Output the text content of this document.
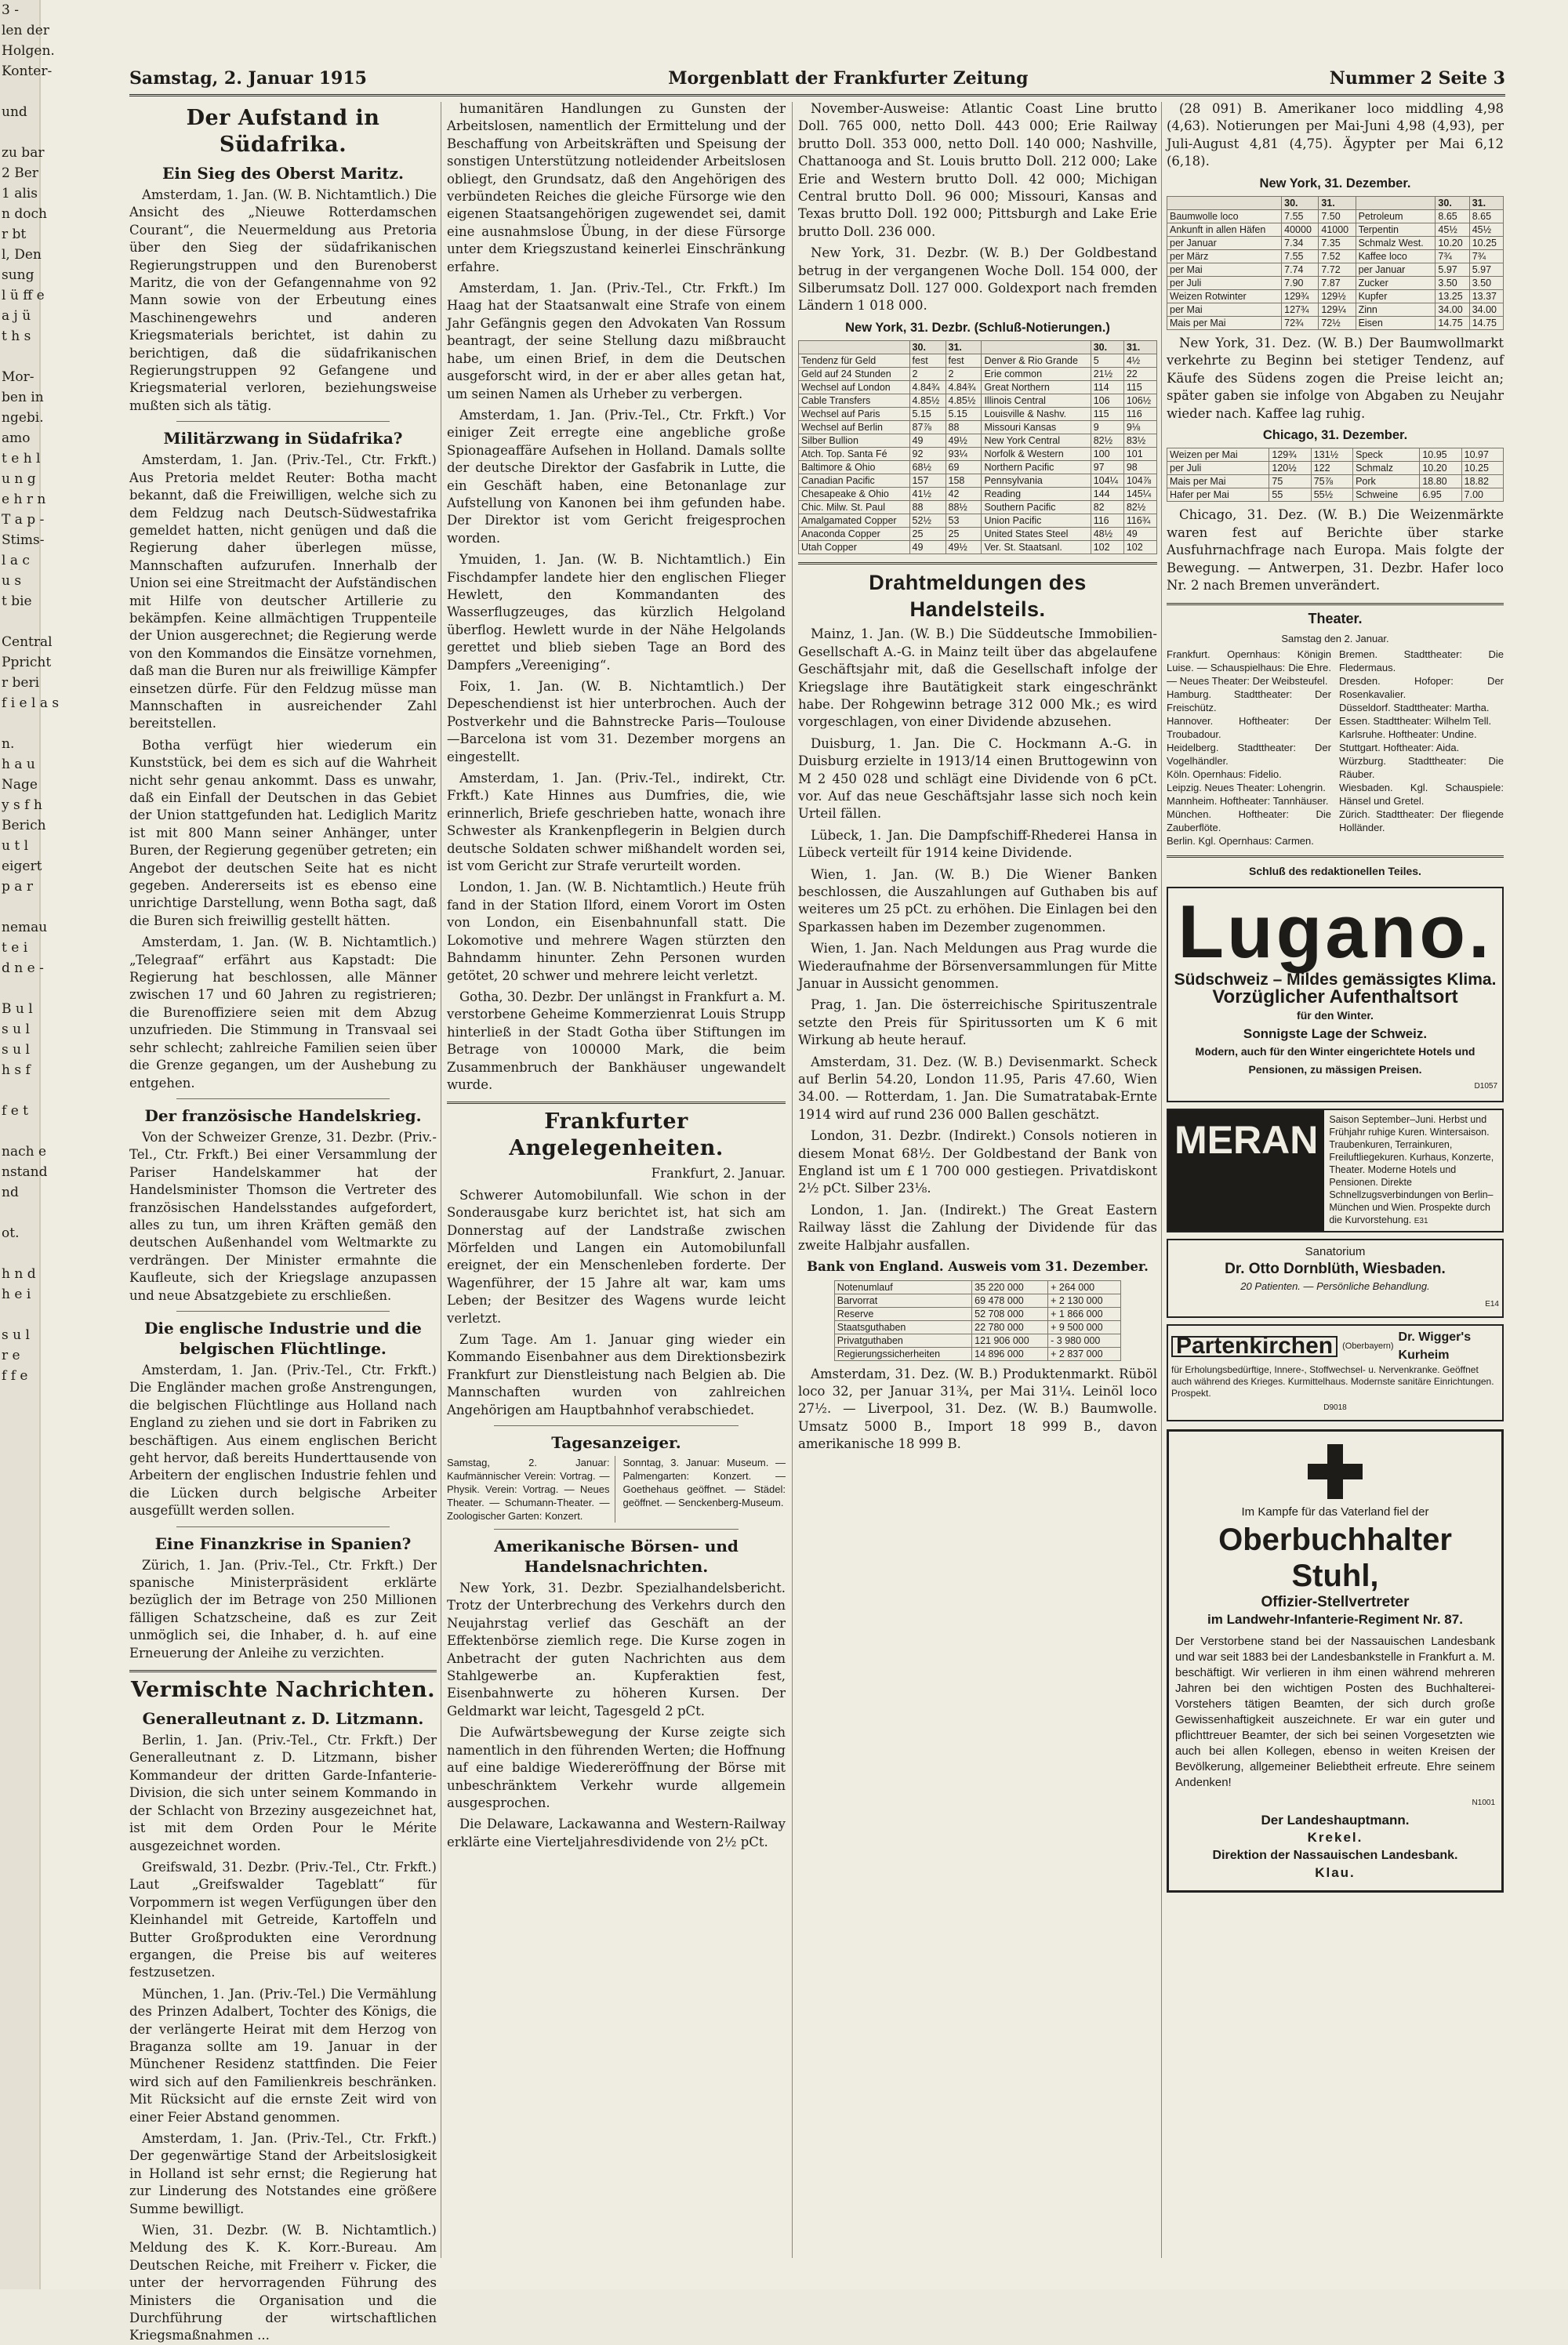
3 -
len der
Holgen.
Konter-

und

zu bar
2 Ber
1 alis
n doch
r bt
l, Den
sung
l ü ff e
a j ü
t h s

Mor-
ben in
ngebi.
amo
t e h l
u n g
e h r n
T a p -
Stims-
l a c
u s
t bie

Central
Ppricht
r beri
f i e l a s

n.
h a u
Nage
y s f h
Berich
u t l
eigert
p a r

nemau
t e i
d n e -

B u l
s u l
s u l
h s f

f e t

nach e
nstand
nd

ot.

h n d
h e i

s u l
r e
f f e
Samstag, 2. Januar 1915	Morgenblatt der Frankfurter Zeitung	Nummer 2 Seite 3
Der Aufstand in Südafrika.
Ein Sieg des Oberst Maritz.

Amsterdam, 1. Jan. (W. B. Nichtamtlich.) Die Ansicht des „Nieuwe Rotterdamschen Courant“, die Neuermeldung aus Pretoria über den Sieg der südafrikanischen Regierungstruppen und den Burenoberst Maritz, die von der Gefangennahme von 92 Mann sowie von der Erbeutung eines Maschinengewehrs und anderen Kriegsmaterials berichtet, ist dahin zu berichtigen, daß die südafrikanischen Regierungstruppen 92 Gefangene und Kriegsmaterial verloren, beziehungsweise mußten sich als tätig.

Militärzwang in Südafrika?

Amsterdam, 1. Jan. (Priv.-Tel., Ctr. Frkft.) Aus Pretoria meldet Reuter: Botha macht bekannt, daß die Freiwilligen, welche sich zu dem Feldzug nach Deutsch-Südwestafrika gemeldet hatten, nicht genügen und daß die Regierung daher überlegen müsse, Mannschaften aufzurufen. Innerhalb der Union sei eine Streitmacht der Aufständischen mit Hilfe von deutscher Artillerie zu bekämpfen. Keine allmächtigen Truppenteile der Union ausgerechnet; die Regierung werde von den Kommandos die Einsätze vornehmen, daß man die Buren nur als freiwillige Kämpfer einsetzen dürfe. Für den Feldzug müsse man Mannschaften in ausreichender Zahl bereitstellen.

Botha verfügt hier wiederum ein Kunststück, bei dem es sich auf die Wahrheit nicht sehr genau ankommt. Dass es unwahr, daß ein Einfall der Deutschen in das Gebiet der Union stattgefunden hat. Lediglich Maritz ist mit 800 Mann seiner Anhänger, unter Buren, der Regierung gegenüber getreten; ein Angebot der deutschen Seite hat es nicht gegeben. Andererseits ist es ebenso eine unrichtige Darstellung, wenn Botha sagt, daß die Buren sich freiwillig gestellt hätten.

Amsterdam, 1. Jan. (W. B. Nichtamtlich.) „Telegraaf“ erfährt aus Kapstadt: Die Regierung hat beschlossen, alle Männer zwischen 17 und 60 Jahren zu registrieren; die Burenoffiziere seien mit dem Abzug unzufrieden. Die Stimmung in Transvaal sei sehr schlecht; zahlreiche Familien seien über die Grenze gegangen, um der Aushebung zu entgehen.

Der französische Handelskrieg.

Von der Schweizer Grenze, 31. Dezbr. (Priv.-Tel., Ctr. Frkft.) Bei einer Versammlung der Pariser Handelskammer hat der Handelsminister Thomson die Vertreter des französischen Handelsstandes aufgefordert, alles zu tun, um ihren Kräften gemäß den deutschen Außenhandel vom Weltmarkte zu verdrängen. Der Minister ermahnte die Kaufleute, sich der Kriegslage anzupassen und neue Absatzgebiete zu erschließen.

Die englische Industrie und die belgischen Flüchtlinge.

Amsterdam, 1. Jan. (Priv.-Tel., Ctr. Frkft.) Die Engländer machen große Anstrengungen, die belgischen Flüchtlinge aus Holland nach England zu ziehen und sie dort in Fabriken zu beschäftigen. Aus einem englischen Bericht geht hervor, daß bereits Hunderttausende von Arbeitern der englischen Industrie fehlen und die Lücken durch belgische Arbeiter ausgefüllt werden sollen.

Eine Finanzkrise in Spanien?

Zürich, 1. Jan. (Priv.-Tel., Ctr. Frkft.) Der spanische Ministerpräsident erklärte bezüglich der im Betrage von 250 Millionen fälligen Schatzscheine, daß es zur Zeit unmöglich sei, die Inhaber, d. h. auf eine Erneuerung der Anleihe zu verzichten.

Vermischte Nachrichten.
Generalleutnant z. D. Litzmann.

Berlin, 1. Jan. (Priv.-Tel., Ctr. Frkft.) Der Generalleutnant z. D. Litzmann, bisher Kommandeur der dritten Garde-Infanterie-Division, die sich unter seinem Kommando in der Schlacht von Brzeziny ausgezeichnet hat, ist mit dem Orden Pour le Mérite ausgezeichnet worden.

Greifswald, 31. Dezbr. (Priv.-Tel., Ctr. Frkft.) Laut „Greifswalder Tageblatt“ für Vorpommern ist wegen Verfügungen über den Kleinhandel mit Getreide, Kartoffeln und Butter Großprodukten eine Verordnung ergangen, die Preise bis auf weiteres festzusetzen.

München, 1. Jan. (Priv.-Tel.) Die Vermählung des Prinzen Adalbert, Tochter des Königs, die der verlängerte Heirat mit dem Herzog von Braganza sollte am 19. Januar in der Münchener Residenz stattfinden. Die Feier wird sich auf den Familienkreis beschränken. Mit Rücksicht auf die ernste Zeit wird von einer Feier Abstand genommen.

Amsterdam, 1. Jan. (Priv.-Tel., Ctr. Frkft.) Der gegenwärtige Stand der Arbeitslosigkeit in Holland ist sehr ernst; die Regierung hat zur Linderung des Notstandes eine größere Summe bewilligt.

Wien, 31. Dezbr. (W. B. Nichtamtlich.) Meldung des K. K. Korr.-Bureau. Am Deutschen Reiche, mit Freiherr v. Ficker, die unter der hervorragenden Führung des Ministers die Organisation und die Durchführung der wirtschaftlichen Kriegsmaßnahmen ...

humanitären Handlungen zu Gunsten der Arbeitslosen, namentlich der Ermittelung und der Beschaffung von Arbeitskräften und Speisung der sonstigen Unterstützung notleidender Arbeitslosen obliegt, den Grundsatz, daß den Angehörigen des verbündeten Reiches die gleiche Fürsorge wie den eigenen Staatsangehörigen zugewendet sei, damit eine ausnahmslose Übung, in der diese Fürsorge unter dem Kriegszustand keinerlei Einschränkung erfahre.

Amsterdam, 1. Jan. (Priv.-Tel., Ctr. Frkft.) Im Haag hat der Staatsanwalt eine Strafe von einem Jahr Gefängnis gegen den Advokaten Van Rossum beantragt, der seine Stellung dazu mißbraucht habe, um einen Brief, in dem die Deutschen ausgeforscht wird, in der er aber alles getan hat, um seinen Namen als Urheber zu verbergen.

Amsterdam, 1. Jan. (Priv.-Tel., Ctr. Frkft.) Vor einiger Zeit erregte eine angebliche große Spionageaffäre Aufsehen in Holland. Damals sollte der deutsche Direktor der Gasfabrik in Lutte, die ein Geschäft haben, eine Betonanlage zur Aufstellung von Kanonen bei ihm gefunden habe. Der Direktor ist vom Gericht freigesprochen worden.

Ymuiden, 1. Jan. (W. B. Nichtamtlich.) Ein Fischdampfer landete hier den englischen Flieger Hewlett, den Kommandanten des Wasserflugzeuges, das kürzlich Helgoland überflog. Hewlett wurde in der Nähe Helgolands gerettet und blieb sieben Tage an Bord des Dampfers „Vereeniging“.

Foix, 1. Jan. (W. B. Nichtamtlich.) Der Depeschendienst ist hier unterbrochen. Auch der Postverkehr und die Bahnstrecke Paris—Toulouse—Barcelona ist vom 31. Dezember morgens an eingestellt.

Amsterdam, 1. Jan. (Priv.-Tel., indirekt, Ctr. Frkft.) Kate Hinnes aus Dumfries, die, wie erinnerlich, Briefe geschrieben hatte, wonach ihre Schwester als Krankenpflegerin in Belgien durch deutsche Soldaten schwer mißhandelt worden sei, ist vom Gericht zur Strafe verurteilt worden.

London, 1. Jan. (W. B. Nichtamtlich.) Heute früh fand in der Station Ilford, einem Vorort im Osten von London, ein Eisenbahnunfall statt. Die Lokomotive und mehrere Wagen stürzten den Bahndamm hinunter. Zehn Personen wurden getötet, 20 schwer und mehrere leicht verletzt.

Gotha, 30. Dezbr. Der unlängst in Frankfurt a. M. verstorbene Geheime Kommerzienrat Louis Strupp hinterließ in der Stadt Gotha über Stiftungen im Betrage von 100000 Mark, die beim Zusammenbruch der Bankhäuser ungewandelt wurde.

Frankfurter Angelegenheiten.

Frankfurt, 2. Januar.

Schwerer Automobilunfall. Wie schon in der Sonderausgabe kurz berichtet ist, hat sich am Donnerstag auf der Landstraße zwischen Mörfelden und Langen ein Automobilunfall ereignet, der ein Menschenleben forderte. Der Wagenführer, der 15 Jahre alt war, kam ums Leben; der Besitzer des Wagens wurde leicht verletzt.

Zum Tage. Am 1. Januar ging wieder ein Kommando Eisenbahner aus dem Direktionsbezirk Frankfurt zur Dienstleistung nach Belgien ab. Die Mannschaften wurden von zahlreichen Angehörigen am Hauptbahnhof verabschiedet.

Tagesanzeiger.
Samstag, 2. Januar: Kaufmännischer Verein: Vortrag. — Physik. Verein: Vortrag. — Neues Theater. — Schumann-Theater. — Zoologischer Garten: Konzert.
Sonntag, 3. Januar: Museum. — Palmengarten: Konzert. — Goethehaus geöffnet. — Städel: geöffnet. — Senckenberg-Museum.
Amerikanische Börsen- und Handelsnachrichten.

New York, 31. Dezbr. Spezialhandelsbericht. Trotz der Unterbrechung des Verkehrs durch den Neujahrstag verlief das Geschäft an der Effektenbörse ziemlich rege. Die Kurse zogen in Anbetracht der guten Nachrichten aus dem Stahlgewerbe an. Kupferaktien fest, Eisenbahnwerte zu höheren Kursen. Der Geldmarkt war leicht, Tagesgeld 2 pCt.

Die Aufwärtsbewegung der Kurse zeigte sich namentlich in den führenden Werten; die Hoffnung auf eine baldige Wiedereröffnung der Börse mit unbeschränktem Verkehr wurde allgemein ausgesprochen.

Die Delaware, Lackawanna and Western-Railway erklärte eine Vierteljahresdividende von 2½ pCt.

November-Ausweise: Atlantic Coast Line brutto Doll. 765 000, netto Doll. 443 000; Erie Railway brutto Doll. 353 000, netto Doll. 140 000; Nashville, Chattanooga and St. Louis brutto Doll. 212 000; Lake Erie and Western brutto Doll. 42 000; Michigan Central brutto Doll. 96 000; Missouri, Kansas and Texas brutto Doll. 192 000; Pittsburgh and Lake Erie brutto Doll. 236 000.

New York, 31. Dezbr. (W. B.) Der Goldbestand betrug in der vergangenen Woche Doll. 154 000, der Silberumsatz Doll. 127 000. Goldexport nach fremden Ländern 1 018 000.

New York, 31. Dezbr. (Schluß-Notierungen.)

	30.	31.		30.	31.
Tendenz für Geld	fest	fest	Denver & Rio Grande	5	4½
Geld auf 24 Stunden	2	2	Erie common	21½	22
Wechsel auf London	4.84¾	4.84¾	Great Northern	114	115
Cable Transfers	4.85½	4.85½	Illinois Central	106	106½
Wechsel auf Paris	5.15	5.15	Louisville & Nashv.	115	116
Wechsel auf Berlin	87⅞	88	Missouri Kansas	9	9⅛
Silber Bullion	49	49½	New York Central	82½	83½
Atch. Top. Santa Fé	92	93¼	Norfolk & Western	100	101
Baltimore & Ohio	68½	69	Northern Pacific	97	98
Canadian Pacific	157	158	Pennsylvania	104¼	104⅞
Chesapeake & Ohio	41½	42	Reading	144	145¼
Chic. Milw. St. Paul	88	88½	Southern Pacific	82	82½
Amalgamated Copper	52½	53	Union Pacific	116	116¾
Anaconda Copper	25	25	United States Steel	48½	49
Utah Copper	49	49½	Ver. St. Staatsanl.	102	102
Drahtmeldungen des Handelsteils.

Mainz, 1. Jan. (W. B.) Die Süddeutsche Immobilien-Gesellschaft A.-G. in Mainz teilt über das abgelaufene Geschäftsjahr mit, daß die Gesellschaft infolge der Kriegslage ihre Bautätigkeit stark eingeschränkt habe. Der Rohgewinn betrage 312 000 Mk.; es wird vorgeschlagen, von einer Dividende abzusehen.

Duisburg, 1. Jan. Die C. Hockmann A.-G. in Duisburg erzielte in 1913/14 einen Bruttogewinn von M 2 450 028 und schlägt eine Dividende von 6 pCt. vor. Auf das neue Geschäftsjahr lasse sich noch kein Urteil fällen.

Lübeck, 1. Jan. Die Dampfschiff-Rhederei Hansa in Lübeck verteilt für 1914 keine Dividende.

Wien, 1. Jan. (W. B.) Die Wiener Banken beschlossen, die Auszahlungen auf Guthaben bis auf weiteres um 25 pCt. zu erhöhen. Die Einlagen bei den Sparkassen haben im Dezember zugenommen.

Wien, 1. Jan. Nach Meldungen aus Prag wurde die Wiederaufnahme der Börsenversammlungen für Mitte Januar in Aussicht genommen.

Prag, 1. Jan. Die österreichische Spirituszentrale setzte den Preis für Spiritussorten um K 6 mit Wirkung ab heute herauf.

Amsterdam, 31. Dez. (W. B.) Devisenmarkt. Scheck auf Berlin 54.20, London 11.95, Paris 47.60, Wien 34.00. — Rotterdam, 1. Jan. Die Sumatratabak-Ernte 1914 wird auf rund 236 000 Ballen geschätzt.

London, 31. Dezbr. (Indirekt.) Consols notieren in diesem Monat 68½. Der Goldbestand der Bank von England ist um £ 1 700 000 gestiegen. Privatdiskont 2½ pCt. Silber 23⅛.

London, 1. Jan. (Indirekt.) The Great Eastern Railway lässt die Zahlung der Dividende für das zweite Halbjahr ausfallen.

Bank von England. Ausweis vom 31. Dezember.

Notenumlauf	35 220 000	+ 264 000
Barvorrat	69 478 000	+ 2 130 000
Reserve	52 708 000	+ 1 866 000
Staatsguthaben	22 780 000	+ 9 500 000
Privatguthaben	121 906 000	- 3 980 000
Regierungssicherheiten	14 896 000	+ 2 837 000

Amsterdam, 31. Dez. (W. B.) Produktenmarkt. Rüböl loco 32, per Januar 31¾, per Mai 31¼. Leinöl loco 27½. — Liverpool, 31. Dez. (W. B.) Baumwolle. Umsatz 5000 B., Import 18 999 B., davon amerikanische 18 999 B.

(28 091) B. Amerikaner loco middling 4,98 (4,63). Notierungen per Mai-Juni 4,98 (4,93), per Juli-August 4,81 (4,75). Ägypter per Mai 6,12 (6,18).

New York, 31. Dezember.

	30.	31.		30.	31.
Baumwolle loco	7.55	7.50	Petroleum	8.65	8.65
Ankunft in allen Häfen	40000	41000	Terpentin	45½	45½
per Januar	7.34	7.35	Schmalz West.	10.20	10.25
per März	7.55	7.52	Kaffee loco	7¾	7¾
per Mai	7.74	7.72	per Januar	5.97	5.97
per Juli	7.90	7.87	Zucker	3.50	3.50
Weizen Rotwinter	129¾	129½	Kupfer	13.25	13.37
per Mai	127¾	129¼	Zinn	34.00	34.00
Mais per Mai	72¾	72½	Eisen	14.75	14.75

New York, 31. Dez. (W. B.) Der Baumwollmarkt verkehrte zu Beginn bei stetiger Tendenz, auf Käufe des Südens zogen die Preise leicht an; später gaben sie infolge von Abgaben zu Neujahr wieder nach. Kaffee lag ruhig.

Chicago, 31. Dezember.

Weizen per Mai	129¾	131½	Speck	10.95	10.97
per Juli	120½	122	Schmalz	10.20	10.25
Mais per Mai	75	75⅞	Pork	18.80	18.82
Hafer per Mai	55	55½	Schweine	6.95	7.00

Chicago, 31. Dez. (W. B.) Die Weizenmärkte waren fest auf Berichte über starke Ausfuhrnachfrage nach Europa. Mais folgte der Bewegung. — Antwerpen, 31. Dezbr. Hafer loco Nr. 2 nach Bremen unverändert.

Theater.
Samstag den 2. Januar.
Frankfurt. Opernhaus: Königin Luise. — Schauspielhaus: Die Ehre. — Neues Theater: Der Weibsteufel.
Hamburg. Stadttheater: Der Freischütz.
Hannover. Hoftheater: Der Troubadour.
Heidelberg. Stadttheater: Der Vogelhändler.
Köln. Opernhaus: Fidelio.
Leipzig. Neues Theater: Lohengrin.
Mannheim. Hoftheater: Tannhäuser.
München. Hoftheater: Die Zauberflöte.
Berlin. Kgl. Opernhaus: Carmen.
Bremen. Stadttheater: Die Fledermaus.
Dresden. Hofoper: Der Rosenkavalier.
Düsseldorf. Stadttheater: Martha.
Essen. Stadttheater: Wilhelm Tell.
Karlsruhe. Hoftheater: Undine.
Stuttgart. Hoftheater: Aida.
Würzburg. Stadttheater: Die Räuber.
Wiesbaden. Kgl. Schauspiele: Hänsel und Gretel.
Zürich. Stadttheater: Der fliegende Holländer.
Schluß des redaktionellen Teiles.
Lugano.
Südschweiz – Mildes gemässigtes Klima.
Vorzüglicher Aufenthaltsort
für den Winter.
Sonnigste Lage der Schweiz.
Modern, auch für den Winter eingerichtete Hotels und Pensionen, zu mässigen Preisen.
D1057
MERAN	Saison September–Juni. Herbst und Frühjahr ruhige Kuren. Wintersaison. Traubenkuren, Terrainkuren, Freiluftliegekuren. Kurhaus, Konzerte, Theater. Moderne Hotels und Pensionen. Direkte Schnellzugsverbindungen von Berlin–München und Wien. Prospekte durch die Kurvorstehung. E31
Sanatorium
Dr. Otto Dornblüth, Wiesbaden.
20 Patienten. — Persönliche Behandlung.
E14
Partenkirchen	(Oberbayern)
Dr. Wigger's Kurheim
für Erholungsbedürftige, Innere-, Stoffwechsel- u. Nervenkranke. Geöffnet auch während des Krieges. Kurmittelhaus. Modernste sanitäre Einrichtungen. Prospekt.
D9018
Im Kampfe für das Vaterland fiel der
Oberbuchhalter Stuhl,
Offizier-Stellvertreter
im Landwehr-Infanterie-Regiment Nr. 87.

Der Verstorbene stand bei der Nassauischen Landesbank und war seit 1883 bei der Landesbankstelle in Frankfurt a. M. beschäftigt. Wir verlieren in ihm einen während mehreren Jahren bei den wichtigen Posten des Buchhalterei-Vorstehers tätigen Beamten, der sich durch große Gewissenhaftigkeit auszeichnete. Er war ein guter und pflichttreuer Beamter, der sich bei seinen Vorgesetzten wie auch bei allen Kollegen, ebenso in weiten Kreisen der Bevölkerung, allgemeiner Beliebtheit erfreute. Ehre seinem Andenken!

N1001
Der Landeshauptmann.
Krekel.
Direktion der Nassauischen Landesbank.
Klau.
